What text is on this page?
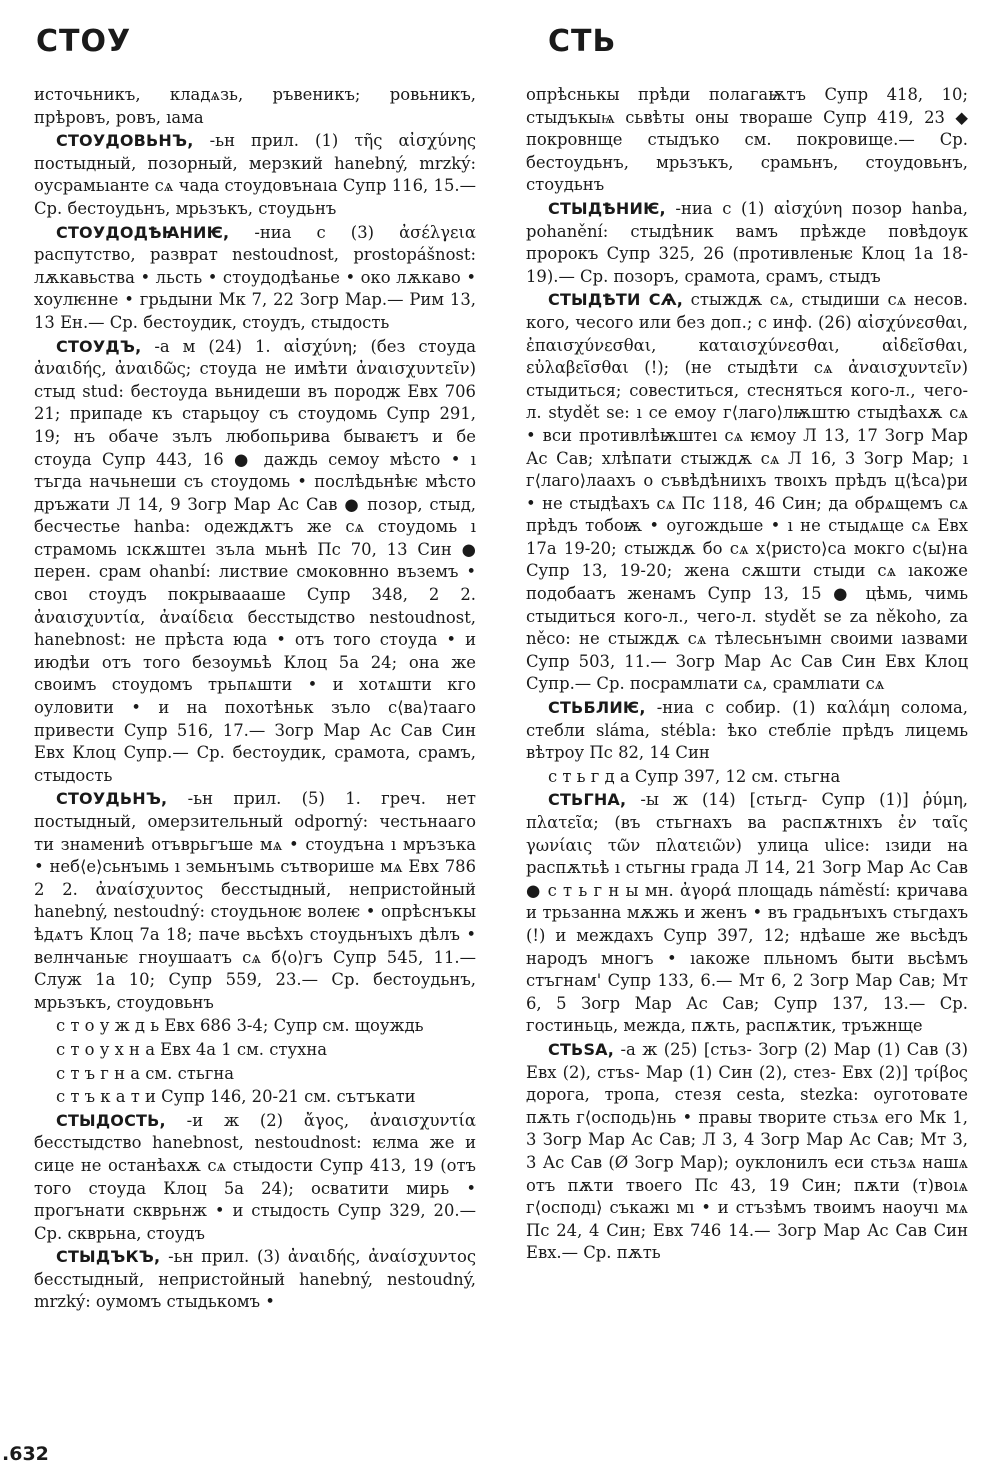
СТОУ	СТЬ

источьникъ, кладѧзь, ръвеникъ; ровьникъ, прѣровъ, ровъ, ıама

СТОУДОВЬНЪ, -ьн прил. (1) τῆς αἰσχύνης постыдный, позорный, мерзкий hanebný, mrzký: оусрамьıанте сѧ чада стоудовънаıа Супр 116, 15.— Ср. бестоудьнъ, мрьзъкъ, стоудьнъ

СТОУДОДѢꙖНИѤ, -ниа с (3) ἀσέλγεια распутство, разврат nestoudnost, prostopášnost: лѫкавьства • льсть • стоудодѣанье • око лѫкаво • хоулѥнне • грьдыни Мк 7, 22 Зогр Мар.— Рим 13, 13 Ен.— Ср. бестоудик, стоудъ, стыдость

СТОУДЪ, -а м (24) 1. αἰσχύνη; (без стоуда ἀναιδής, ἀναιδῶς; стоуда не имѣти ἀναισχυντεῖν) стыд stud: бестоуда вьнидеши въ породж Евх 706 21; припаде къ старьцоу съ стоудомь Супр 291, 19; нъ обаче зълъ любопьрива бываѥтъ и бе стоуда Супр 443, 16 ● даждь семоу мѣсто • ı тъгда начьнеши съ стоудомь • послѣдьнѣѥ мѣсто дръжати Л 14, 9 Зогр Мар Ас Сав ● позор, стыд, бесчестье hanba: одеждѫтъ же сѧ стоудомь ı страмомь ıскѫштеı зъла мьнѣ Пс 70, 13 Син ● перен. срам ohanbí: листвие смоковнно въземъ • своı стоудъ покрываааше Супр 348, 2 2. ἀναισχυντία, ἀναίδεια бесстыдство nestoudnost, hanebnost: не прѣста юда • отъ того стоуда • и июдѣи отъ того безоумьѣ Клоц 5а 24; она же своимъ стоудомъ трьпѧшти • и хотѧшти кго оуловити • и на похотѣньк зъло с⟨ва⟩тааго привести Супр 516, 17.— Зогр Мар Ас Сав Син Евх Клоц Супр.— Ср. бестоудик, срамота, срамъ, стыдость

СТОУДЬНЪ, -ьн прил. (5) 1. греч. нет постыдный, омерзительный odporný: честьнааго ти знамениѣ отъврьгъше мѧ • стоудъна ı мръзъка • неб⟨е⟩сьнъıмь ı земьнъıмь сътворише мѧ Евх 786 2 2. ἀναίσχυντος бесстыдный, непристойный hanebný, nestoudný: стоудьноѥ волеѥ • опрѣснъкы ѣдѧтъ Клоц 7а 18; паче вьсѣхъ стоудьнъıхъ дѣлъ • велнчаньѥ гноушаатъ сѧ б⟨о⟩гъ Супр 545, 11.— Служ 1а 10; Супр 559, 23.— Ср. бестоудьнъ, мрьзъкъ, стоудовьнъ

с т о у ж д ь Евх 686 3-4; Супр см. щоуждь

с т о у х н а Евх 4а 1 см. стухна

с т ъ г н а см. стьгна

с т ъ к а т и Супр 146, 20-21 см. сътъкати

СТЫДОСТЬ, -и ж (2) ἄγος, ἀναισχυντία бесстыдство hanebnost, nestoudnost: ѥлма же и сице не останѣахѫ сѧ стыдости Супр 413, 19 (отъ того стоуда Клоц 5а 24); осватити мирь • прогънати скврьнж • и стыдость Супр 329, 20.— Ср. скврьна, стоудъ

СТЫДЪКЪ, -ьн прил. (3) ἀναιδής, ἀναίσχυντος бесстыдный, непристойный hanebný, nestoudný, mrzký: оумомъ стыдькомъ •

опрѣснькы прѣди полагаѭтъ Супр 418, 10; стыдъкыѩ сьвѣты оны твораше Супр 419, 23 ◆ покровнще стыдъко см. покровище.— Ср. бестоудьнъ, мрьзъкъ, срамьнъ, стоудовьнъ, стоудьнъ

СТЫДѢНИѤ, -ниа с (1) αἰσχύνη позор hanba, pohanění: стыдѣник вамъ прѣжде повѣдоук пророкъ Супр 325, 26 (противленьѥ Клоц 1а 18-19).— Ср. позоръ, срамота, срамъ, стыдъ

СТЫДѢТИ СѦ, стыждѫ сѧ, стыдиши сѧ несов. кого, чесого или без доп.; с инф. (26) αἰσχύνεσθαι, ἐπαισχύνεσθαι, καταισχύνεσθαι, αἰδεῖσθαι, εὐλαβεῖσθαι (!); (не стыдѣти сѧ ἀναισχυντεῖν) стыдиться; совеститься, стесняться кого-л., чего-л. stydět se: ı се емоу г⟨лаго⟩лѭштю стыдѣахѫ сѧ • вси противлѣѭштеı сѧ ѥмоу Л 13, 17 Зогр Мар Ас Сав; хлѣпати стыждѫ сѧ Л 16, 3 Зогр Мар; ı г⟨лаго⟩лаахъ о съвѣдѣниıхъ твоıхъ прѣдъ ц⟨ѣса⟩ри • не стыдѣахъ сѧ Пс 118, 46 Син; да обрѧщемъ сѧ прѣдъ тобоѭ • оугождьше • ı не стыдѧще сѧ Евх 17а 19-20; стыждѫ бо сѧ х⟨ристо⟩са мокго с⟨ы⟩на Супр 13, 19-20; жена сѫшти стыди сѧ ıакоже подобаатъ женамъ Супр 13, 15 ● цѣмь, чимь стыдиться кого-л., чего-л. stydět se za někoho, za něco: не стыждѫ сѧ тѣлесьнъıмн своими ıазвами Супр 503, 11.— Зогр Мар Ас Сав Син Евх Клоц Супр.— Ср. посрамлıати сѧ, срамлıати сѧ

СТЬБЛИѤ, -ниа с собир. (1) καλάμη солома, стебли sláma, stébla: ѣко стебліе прѣдъ лицемь вѣтроу Пс 82, 14 Син

с т ь г д а Супр 397, 12 см. стьгна

СТЬГНА, -ы ж (14) [стьгд- Супр (1)] ῥύμη, πλατεῖα; (въ стьгнахъ ва распѫтнıхъ ἐν ταῖς γωνίαις τῶν πλατειῶν) улица ulice: ıзиди на распѫтьѣ ı стьгны града Л 14, 21 Зогр Мар Ас Сав ● с т ь г н ы мн. ἀγορά площадь náměstí: кричава и трьзанна мѫжь и женъ • въ градьнъıхъ стьгдахъ (!) и междахъ Супр 397, 12; ндѣаше же вьсѣдъ народъ многъ • ıакоже пльномъ быти вьсѣмъ стъгнам' Супр 133, 6.— Мт 6, 2 Зогр Мар Сав; Мт 6, 5 Зогр Мар Ас Сав; Супр 137, 13.— Ср. гостиньць, межда, пѫть, распѫтик, тръжнще

СТЬЅА, -а ж (25) [стьз- Зогр (2) Мар (1) Сав (3) Евх (2), стъѕ- Мар (1) Син (2), стез- Евх (2)] τρίβος дорога, тропа, стезя cesta, stezka: оуготовате пѫть г⟨осподь⟩нь • правы творите стьзѧ его Мк 1, 3 Зогр Мар Ас Сав; Л 3, 4 Зогр Мар Ас Сав; Мт 3, 3 Ас Сав (Ø Зогр Мар); оуклонилъ еси стьзѧ нашѧ отъ пѫти твоего Пс 43, 19 Син; пѫти (т)воıѧ г⟨осподı⟩ съкажı мı • и стъзѣмъ твоимъ наоучı мѧ Пс 24, 4 Син; Евх 746 14.— Зогр Мар Ас Сав Син Евх.— Ср. пѫть

.632
